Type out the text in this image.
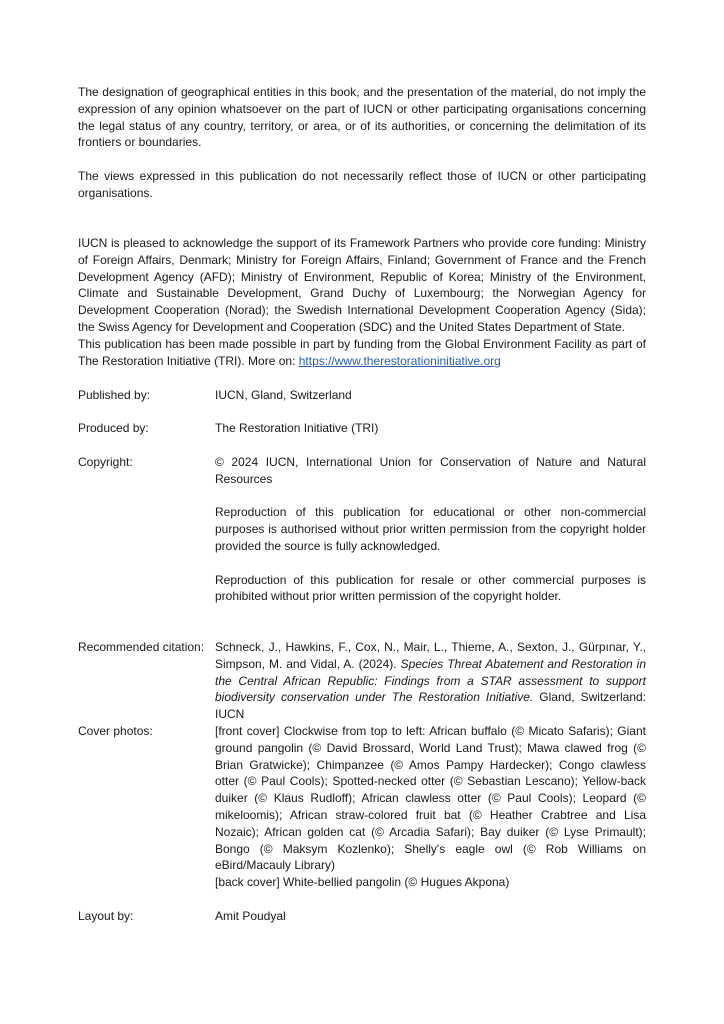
The designation of geographical entities in this book, and the presentation of the material, do not imply the expression of any opinion whatsoever on the part of IUCN or other participating organisations concerning the legal status of any country, territory, or area, or of its authorities, or concerning the delimitation of its frontiers or boundaries.

The views expressed in this publication do not necessarily reflect those of IUCN or other participating organisations.

IUCN is pleased to acknowledge the support of its Framework Partners who provide core funding: Ministry of Foreign Affairs, Denmark; Ministry for Foreign Affairs, Finland; Government of France and the French Development Agency (AFD); Ministry of Environment, Republic of Korea; Ministry of the Environment, Climate and Sustainable Development, Grand Duchy of Luxembourg; the Norwegian Agency for Development Cooperation (Norad); the Swedish International Development Cooperation Agency (Sida); the Swiss Agency for Development and Cooperation (SDC) and the United States Department of State.

This publication has been made possible in part by funding from the Global Environment Facility as part of The Restoration Initiative (TRI). More on: https://www.therestorationinitiative.org

Published by:	IUCN, Gland, Switzerland
Produced by:	The Restoration Initiative (TRI)
Copyright:	© 2024 IUCN, International Union for Conservation of Nature and Natural Resources

Reproduction of this publication for educational or other non-commercial purposes is authorised without prior written permission from the copyright holder provided the source is fully acknowledged.

Reproduction of this publication for resale or other commercial purposes is prohibited without prior written permission of the copyright holder.

Recommended citation: Schneck, J., Hawkins, F., Cox, N., Mair, L., Thieme, A., Sexton, J., Gürpınar, Y., Simpson, M. and Vidal, A. (2024). Species Threat Abatement and Restoration in the Central African Republic: Findings from a STAR assessment to support biodiversity conservation under The Restoration Initiative. Gland, Switzerland: IUCN
Cover photos:	[front cover] Clockwise from top to left: African buffalo (© Micato Safaris); Giant ground pangolin (© David Brossard, World Land Trust); Mawa clawed frog (© Brian Gratwicke); Chimpanzee (© Amos Pampy Hardecker); Congo clawless otter (© Paul Cools); Spotted-necked otter (© Sebastian Lescano); Yellow-back duiker (© Klaus Rudloff); African clawless otter (© Paul Cools); Leopard (© mikeloomis); African straw-colored fruit bat (© Heather Crabtree and Lisa Nozaic); African golden cat (© Arcadia Safari); Bay duiker (© Lyse Primault); Bongo (© Maksym Kozlenko); Shelly's eagle owl (© Rob Williams on eBird/Macauly Library)
[back cover] White-bellied pangolin (© Hugues Akpona)
Layout by:	Amit Poudyal
